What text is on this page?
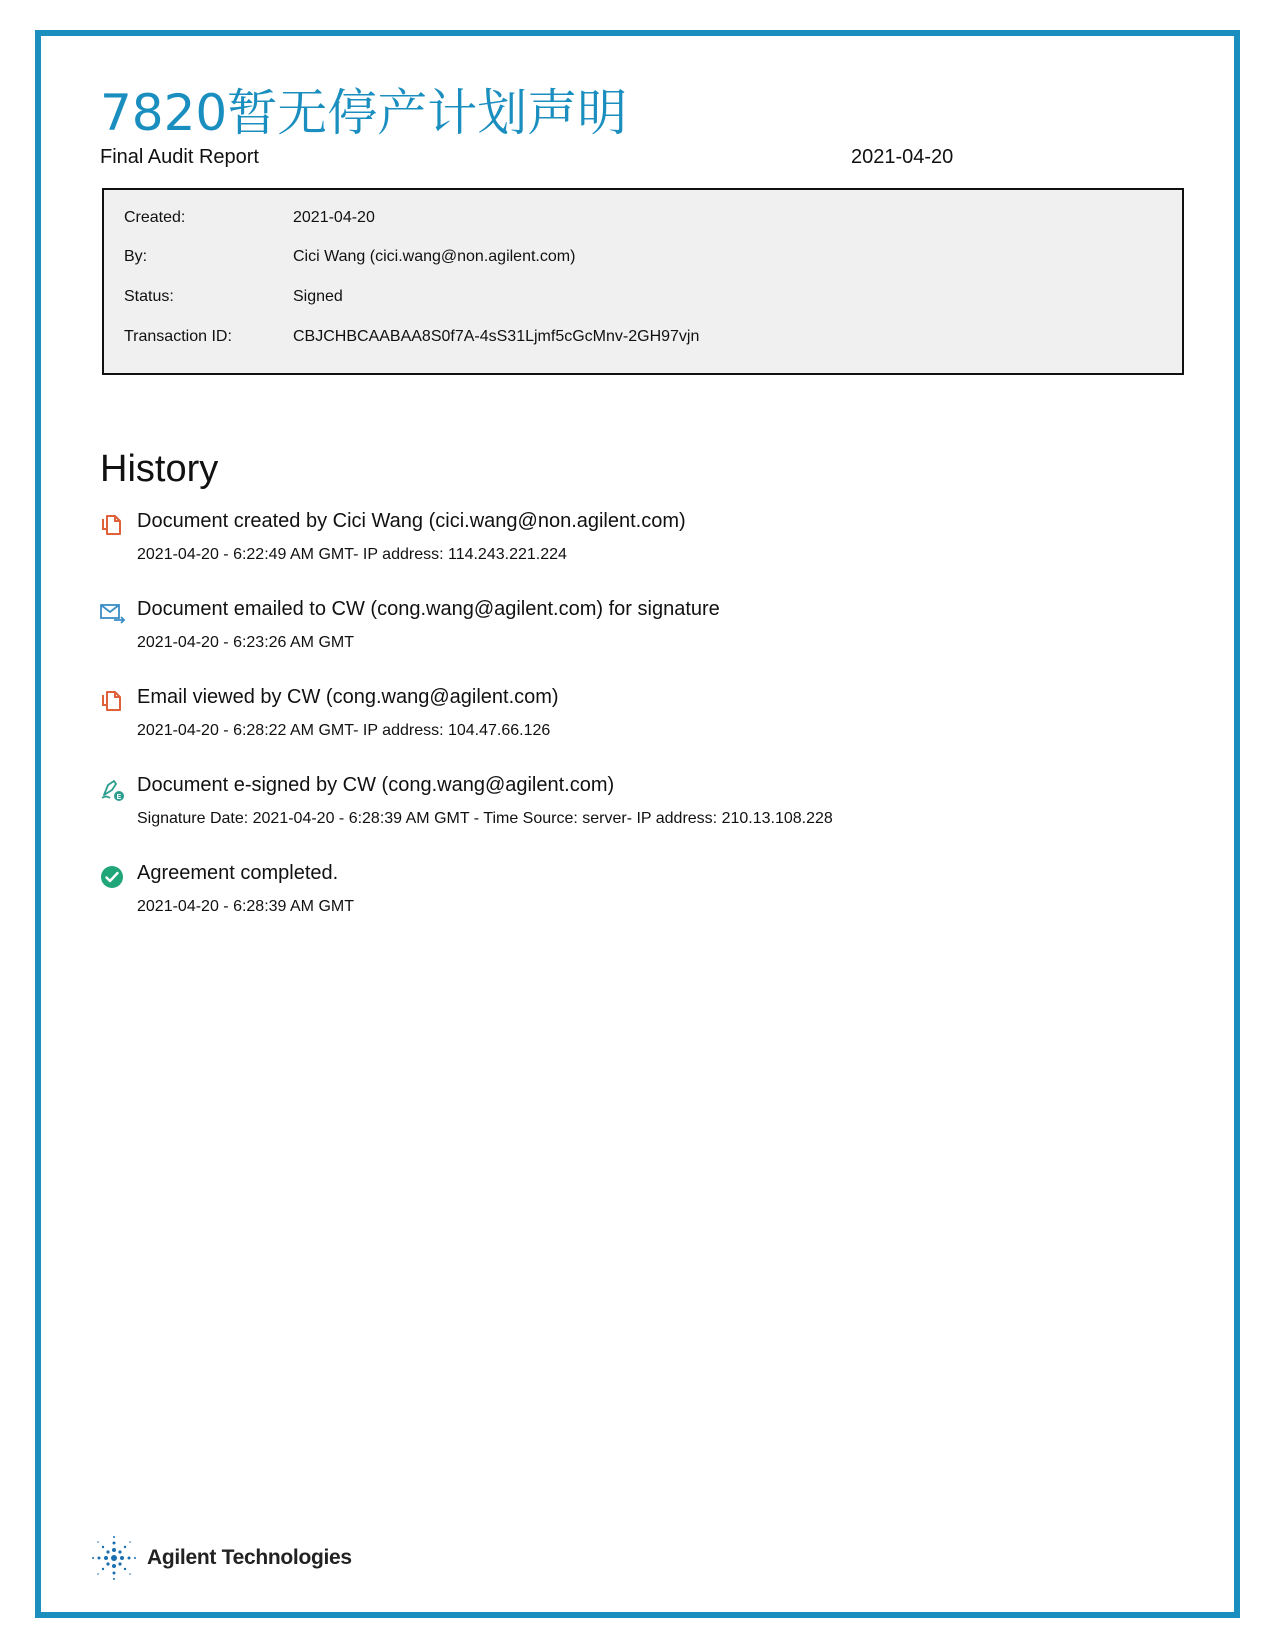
7820暂无停产计划声明
Final Audit Report	2021-04-20
Created:	2021-04-20
By:	Cici Wang (cici.wang@non.agilent.com)
Status:	Signed
Transaction ID:	CBJCHBCAABAA8S0f7A-4sS31Ljmf5cGcMnv-2GH97vjn
History
Document created by Cici Wang (cici.wang@non.agilent.com)
2021-04-20 - 6:22:49 AM GMT- IP address: 114.243.221.224
Document emailed to CW (cong.wang@agilent.com) for signature
2021-04-20 - 6:23:26 AM GMT
Email viewed by CW (cong.wang@agilent.com)
2021-04-20 - 6:28:22 AM GMT- IP address: 104.47.66.126
E
Document e-signed by CW (cong.wang@agilent.com)
Signature Date: 2021-04-20 - 6:28:39 AM GMT - Time Source: server- IP address: 210.13.108.228
Agreement completed.
2021-04-20 - 6:28:39 AM GMT
Agilent Technologies
